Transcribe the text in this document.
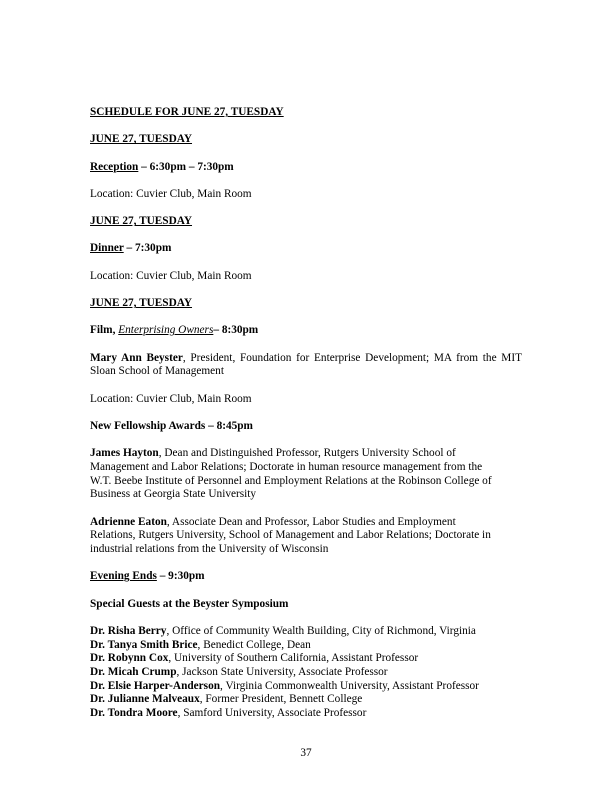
SCHEDULE FOR JUNE 27, TUESDAY

JUNE 27, TUESDAY

Reception – 6:30pm – 7:30pm

Location: Cuvier Club, Main Room

JUNE 27, TUESDAY

Dinner – 7:30pm

Location: Cuvier Club, Main Room

JUNE 27, TUESDAY

Film, Enterprising Owners– 8:30pm

Mary Ann Beyster, President, Foundation for Enterprise Development; MA from the MIT Sloan School of Management

Location: Cuvier Club, Main Room

New Fellowship Awards – 8:45pm

James Hayton, Dean and Distinguished Professor, Rutgers University School of

Management and Labor Relations; Doctorate in human resource management from the

W.T. Beebe Institute of Personnel and Employment Relations at the Robinson College of

Business at Georgia State University

Adrienne Eaton, Associate Dean and Professor, Labor Studies and Employment

Relations, Rutgers University, School of Management and Labor Relations; Doctorate in

industrial relations from the University of Wisconsin

Evening Ends – 9:30pm

Special Guests at the Beyster Symposium

Dr. Risha Berry, Office of Community Wealth Building, City of Richmond, Virginia

Dr. Tanya Smith Brice, Benedict College, Dean

Dr. Robynn Cox, University of Southern California, Assistant Professor

Dr. Micah Crump, Jackson State University, Associate Professor

Dr. Elsie Harper-Anderson, Virginia Commonwealth University, Assistant Professor

Dr. Julianne Malveaux, Former President, Bennett College

Dr. Tondra Moore, Samford University, Associate Professor

37
